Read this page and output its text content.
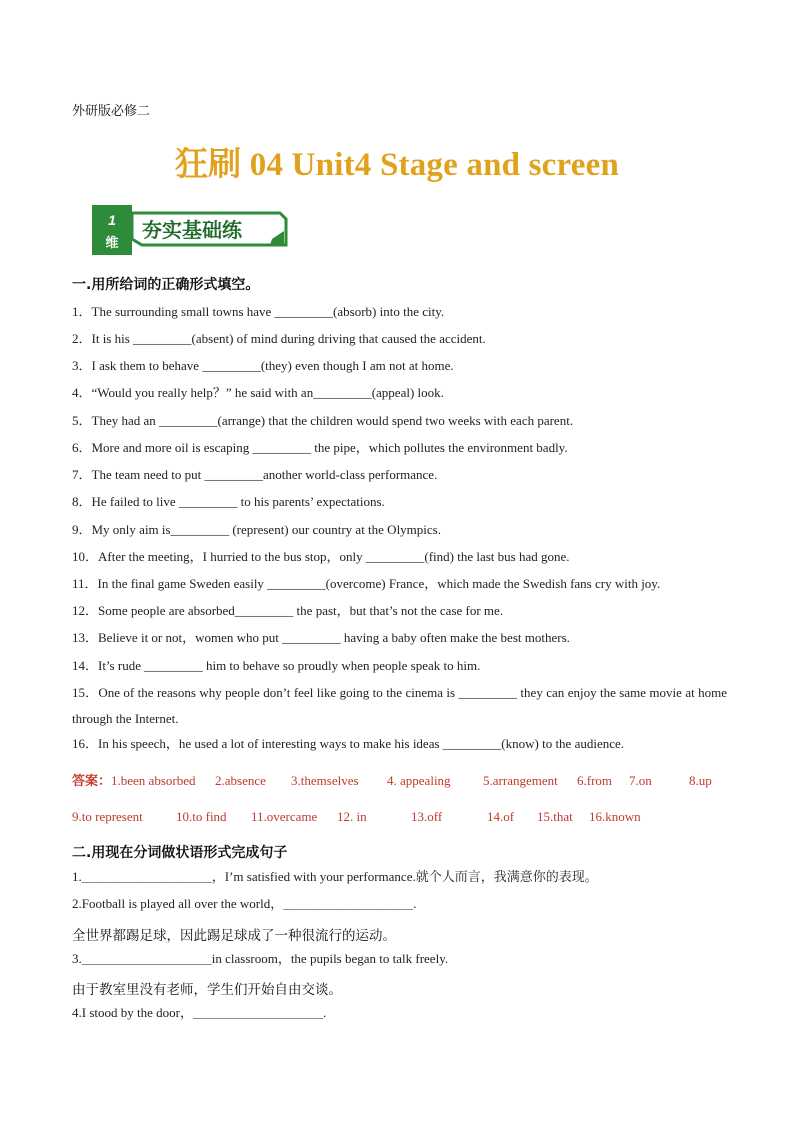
外研版必修二
狂刷 04 Unit4 Stage and screen
1
维
夯实基础练
一.用所给词的正确形式填空。
1．The surrounding small towns have _________(absorb) into the city.
2．It is his _________(absent) of mind during driving that caused the accident.
3．I ask them to behave _________(they) even though I am not at home.
4．“Would you really help？” he said with an_________(appeal) look.
5．They had an _________(arrange) that the children would spend two weeks with each parent.
6．More and more oil is escaping _________ the pipe，which pollutes the environment badly.
7．The team need to put _________another world-class performance.
8．He failed to live _________ to his parents’ expectations.
9．My only aim is_________ (represent) our country at the Olympics.
10．After the meeting，I hurried to the bus stop，only _________(find) the last bus had gone.
11．In the final game Sweden easily _________(overcome) France，which made the Swedish fans cry with joy.
12．Some people are absorbed_________ the past，but that’s not the case for me.
13．Believe it or not，women who put _________ having a baby often make the best mothers.
14．It’s rude _________ him to behave so proudly when people speak to him.
15．One of the reasons why people don’t feel like going to the cinema is _________ they can enjoy the same movie at home through the Internet.
16．In his speech，he used a lot of interesting ways to make his ideas _________(know) to the audience.
答案：1.been absorbed 2.absence 3.themselves 4. appealing 5.arrangement 6.from 7.on	8.up
9.to represent	10.to find 11.overcame 12. in	13.off	14.of 15.that 16.known
二.用现在分词做状语形式完成句子
1.＿＿＿＿＿＿＿＿＿＿，I’m satisfied with your performance.就个人而言，我满意你的表现。
2.Football is played all over the world，＿＿＿＿＿＿＿＿＿＿.
全世界都踢足球，因此踢足球成了一种很流行的运动。
3.＿＿＿＿＿＿＿＿＿＿in classroom，the pupils began to talk freely.
由于教室里没有老师，学生们开始自由交谈。
4.I stood by the door，＿＿＿＿＿＿＿＿＿＿.
